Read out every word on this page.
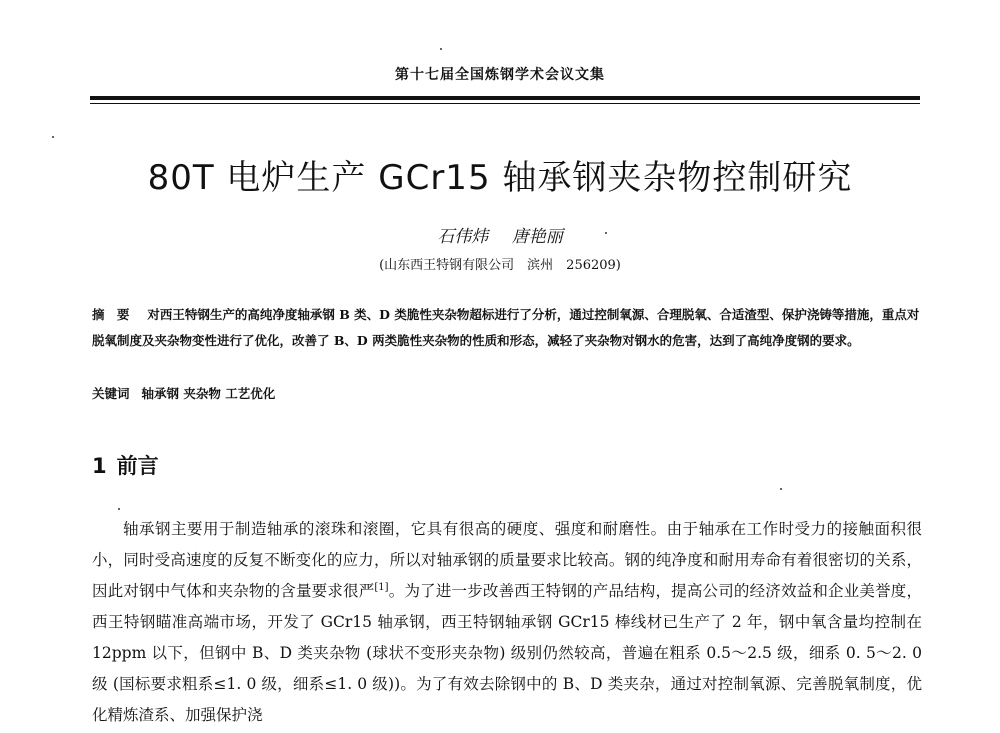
第十七届全国炼钢学术会议文集
80T 电炉生产 GCr15 轴承钢夹杂物控制研究
石伟炜 唐艳丽
(山东西王特钢有限公司　滨州　256209)
摘 要 对西王特钢生产的高纯净度轴承钢 B 类、D 类脆性夹杂物超标进行了分析，通过控制氧源、合理脱氧、合适渣型、保护浇铸等措施，重点对脱氧制度及夹杂物变性进行了优化，改善了 B、D 两类脆性夹杂物的性质和形态，减轻了夹杂物对钢水的危害，达到了高纯净度钢的要求。
关键词 轴承钢 夹杂物 工艺优化
1 前言
轴承钢主要用于制造轴承的滚珠和滚圈，它具有很高的硬度、强度和耐磨性。由于轴承在工作时受力的接触面积很小，同时受高速度的反复不断变化的应力，所以对轴承钢的质量要求比较高。钢的纯净度和耐用寿命有着很密切的关系，因此对钢中气体和夹杂物的含量要求很严[1]。为了进一步改善西王特钢的产品结构，提高公司的经济效益和企业美誉度，西王特钢瞄准高端市场，开发了 GCr15 轴承钢，西王特钢轴承钢 GCr15 棒线材已生产了 2 年，钢中氧含量均控制在 12ppm 以下，但钢中 B、D 类夹杂物 (球状不变形夹杂物) 级别仍然较高，普遍在粗系 0.5～2.5 级，细系 0. 5～2. 0 级 (国标要求粗系≤1. 0 级，细系≤1. 0 级))。为了有效去除钢中的 B、D 类夹杂，通过对控制氧源、完善脱氧制度，优化精炼渣系、加强保护浇
